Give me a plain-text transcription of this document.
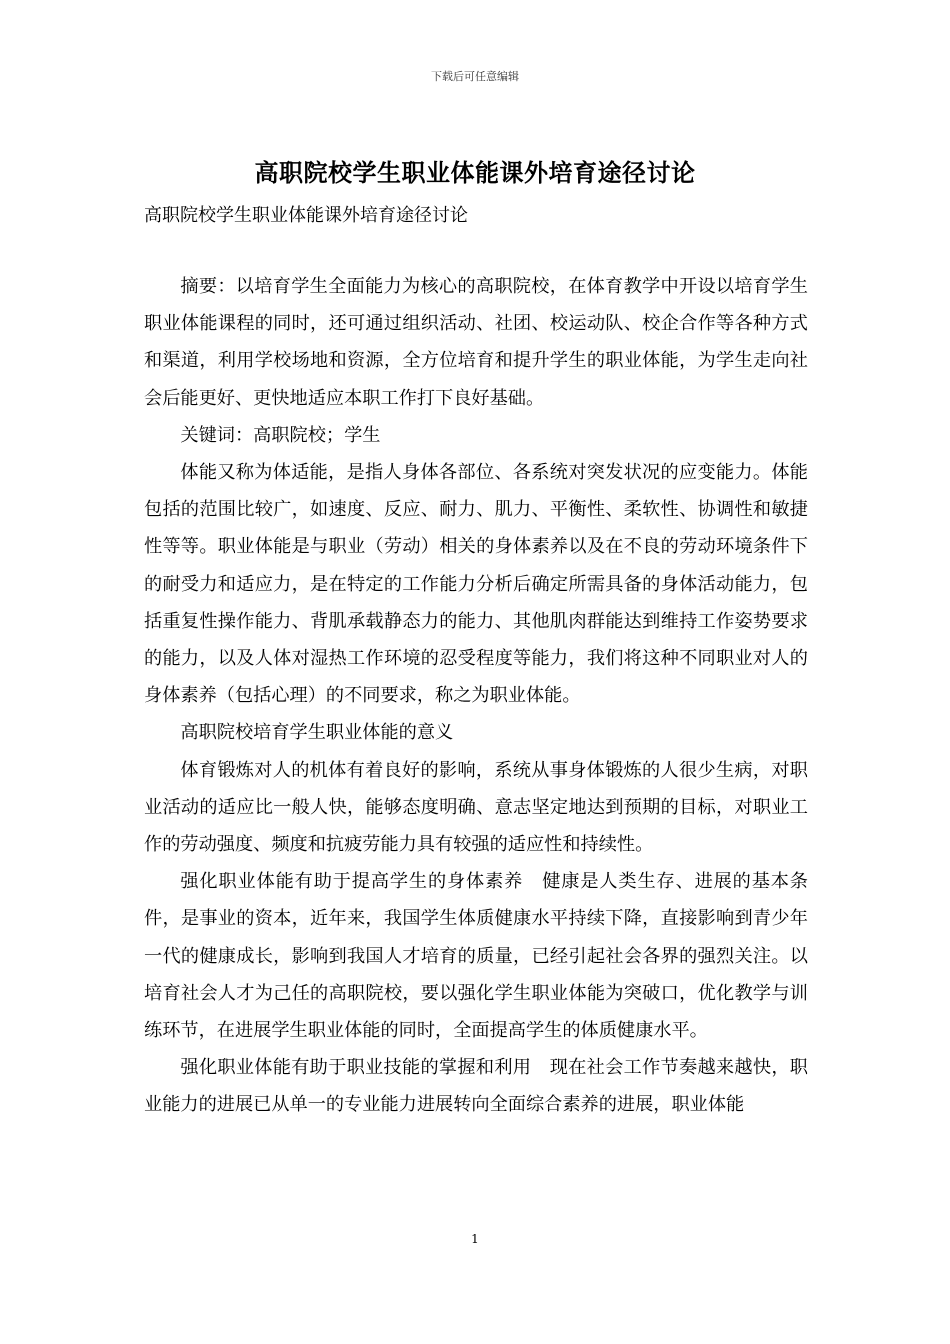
下载后可任意编辑
高职院校学生职业体能课外培育途径讨论
高职院校学生职业体能课外培育途径讨论

摘要：以培育学生全面能力为核心的高职院校，在体育教学中开设以培育学生职业体能课程的同时，还可通过组织活动、社团、校运动队、校企合作等各种方式和渠道，利用学校场地和资源，全方位培育和提升学生的职业体能，为学生走向社会后能更好、更快地适应本职工作打下良好基础。

关键词：高职院校；学生

体能又称为体适能，是指人身体各部位、各系统对突发状况的应变能力。体能包括的范围比较广，如速度、反应、耐力、肌力、平衡性、柔软性、协调性和敏捷性等等。职业体能是与职业（劳动）相关的身体素养以及在不良的劳动环境条件下的耐受力和适应力，是在特定的工作能力分析后确定所需具备的身体活动能力，包括重复性操作能力、背肌承载静态力的能力、其他肌肉群能达到维持工作姿势要求的能力，以及人体对湿热工作环境的忍受程度等能力，我们将这种不同职业对人的身体素养（包括心理）的不同要求，称之为职业体能。

高职院校培育学生职业体能的意义

体育锻炼对人的机体有着良好的影响，系统从事身体锻炼的人很少生病，对职业活动的适应比一般人快，能够态度明确、意志坚定地达到预期的目标，对职业工作的劳动强度、频度和抗疲劳能力具有较强的适应性和持续性。

强化职业体能有助于提高学生的身体素养　健康是人类生存、进展的基本条件，是事业的资本，近年来，我国学生体质健康水平持续下降，直接影响到青少年一代的健康成长，影响到我国人才培育的质量，已经引起社会各界的强烈关注。以培育社会人才为己任的高职院校，要以强化学生职业体能为突破口，优化教学与训练环节，在进展学生职业体能的同时，全面提高学生的体质健康水平。

强化职业体能有助于职业技能的掌握和利用　现在社会工作节奏越来越快，职业能力的进展已从单一的专业能力进展转向全面综合素养的进展，职业体能

1
